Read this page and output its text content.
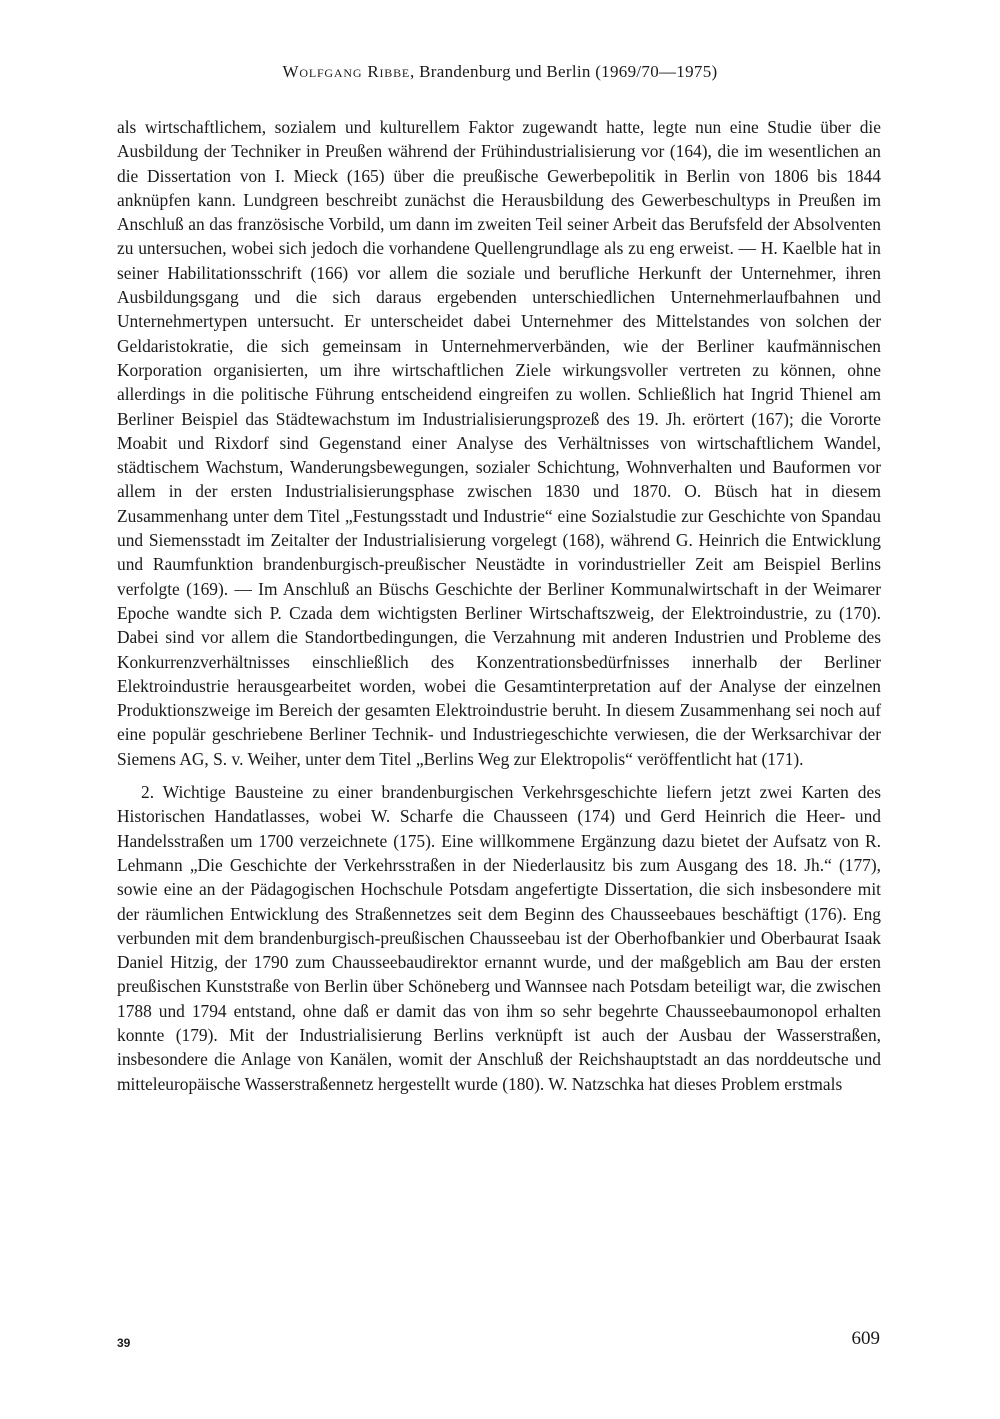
Wolfgang Ribbe, Brandenburg und Berlin (1969/70—1975)

als wirtschaftlichem, sozialem und kulturellem Faktor zugewandt hatte, legte nun eine Studie über die Ausbildung der Techniker in Preußen während der Frühindustrialisierung vor (164), die im wesentlichen an die Dissertation von I. Mieck (165) über die preußische Gewerbepolitik in Berlin von 1806 bis 1844 anknüpfen kann. Lundgreen beschreibt zunächst die Herausbildung des Gewerbeschultyps in Preußen im Anschluß an das französische Vorbild, um dann im zweiten Teil seiner Arbeit das Berufsfeld der Absolventen zu untersuchen, wobei sich jedoch die vorhandene Quellengrundlage als zu eng erweist. — H. Kaelble hat in seiner Habilitationsschrift (166) vor allem die soziale und berufliche Herkunft der Unternehmer, ihren Ausbildungsgang und die sich daraus ergebenden unterschiedlichen Unternehmerlaufbahnen und Unternehmertypen untersucht. Er unterscheidet dabei Unternehmer des Mittelstandes von solchen der Geldaristokratie, die sich gemeinsam in Unternehmerverbänden, wie der Berliner kaufmännischen Korporation organisierten, um ihre wirtschaftlichen Ziele wirkungsvoller vertreten zu können, ohne allerdings in die politische Führung entscheidend eingreifen zu wollen. Schließlich hat Ingrid Thienel am Berliner Beispiel das Städtewachstum im Industrialisierungsprozeß des 19. Jh. erörtert (167); die Vororte Moabit und Rixdorf sind Gegenstand einer Analyse des Verhältnisses von wirtschaftlichem Wandel, städtischem Wachstum, Wanderungsbewegungen, sozialer Schichtung, Wohnverhalten und Bauformen vor allem in der ersten Industrialisierungsphase zwischen 1830 und 1870. O. Büsch hat in diesem Zusammenhang unter dem Titel „Festungsstadt und Industrie“ eine Sozialstudie zur Geschichte von Spandau und Siemensstadt im Zeitalter der Industrialisierung vorgelegt (168), während G. Heinrich die Entwicklung und Raumfunktion brandenburgisch-preußischer Neustädte in vorindustrieller Zeit am Beispiel Berlins verfolgte (169). — Im Anschluß an Büschs Geschichte der Berliner Kommunalwirtschaft in der Weimarer Epoche wandte sich P. Czada dem wichtigsten Berliner Wirtschaftszweig, der Elektroindustrie, zu (170). Dabei sind vor allem die Standortbedingungen, die Verzahnung mit anderen Industrien und Probleme des Konkurrenzverhältnisses einschließlich des Konzentrationsbedürfnisses innerhalb der Berliner Elektroindustrie herausgearbeitet worden, wobei die Gesamtinterpretation auf der Analyse der einzelnen Produktionszweige im Bereich der gesamten Elektroindustrie beruht. In diesem Zusammenhang sei noch auf eine populär geschriebene Berliner Technik- und Industriegeschichte verwiesen, die der Werksarchivar der Siemens AG, S. v. Weiher, unter dem Titel „Berlins Weg zur Elektropolis“ veröffentlicht hat (171).

2. Wichtige Bausteine zu einer brandenburgischen Verkehrsgeschichte liefern jetzt zwei Karten des Historischen Handatlasses, wobei W. Scharfe die Chausseen (174) und Gerd Heinrich die Heer- und Handelsstraßen um 1700 verzeichnete (175). Eine willkommene Ergänzung dazu bietet der Aufsatz von R. Lehmann „Die Geschichte der Verkehrsstraßen in der Niederlausitz bis zum Ausgang des 18. Jh.“ (177), sowie eine an der Pädagogischen Hochschule Potsdam angefertigte Dissertation, die sich insbesondere mit der räumlichen Entwicklung des Straßennetzes seit dem Beginn des Chausseebaues beschäftigt (176). Eng verbunden mit dem brandenburgisch-preußischen Chausseebau ist der Oberhofbankier und Oberbaurat Isaak Daniel Hitzig, der 1790 zum Chausseebaudirektor ernannt wurde, und der maßgeblich am Bau der ersten preußischen Kunststraße von Berlin über Schöneberg und Wannsee nach Potsdam beteiligt war, die zwischen 1788 und 1794 entstand, ohne daß er damit das von ihm so sehr begehrte Chausseebaumonopol erhalten konnte (179). Mit der Industrialisierung Berlins verknüpft ist auch der Ausbau der Wasserstraßen, insbesondere die Anlage von Kanälen, womit der Anschluß der Reichshauptstadt an das norddeutsche und mitteleuropäische Wasserstraßennetz hergestellt wurde (180). W. Natzschka hat dieses Problem erstmals

39	609
